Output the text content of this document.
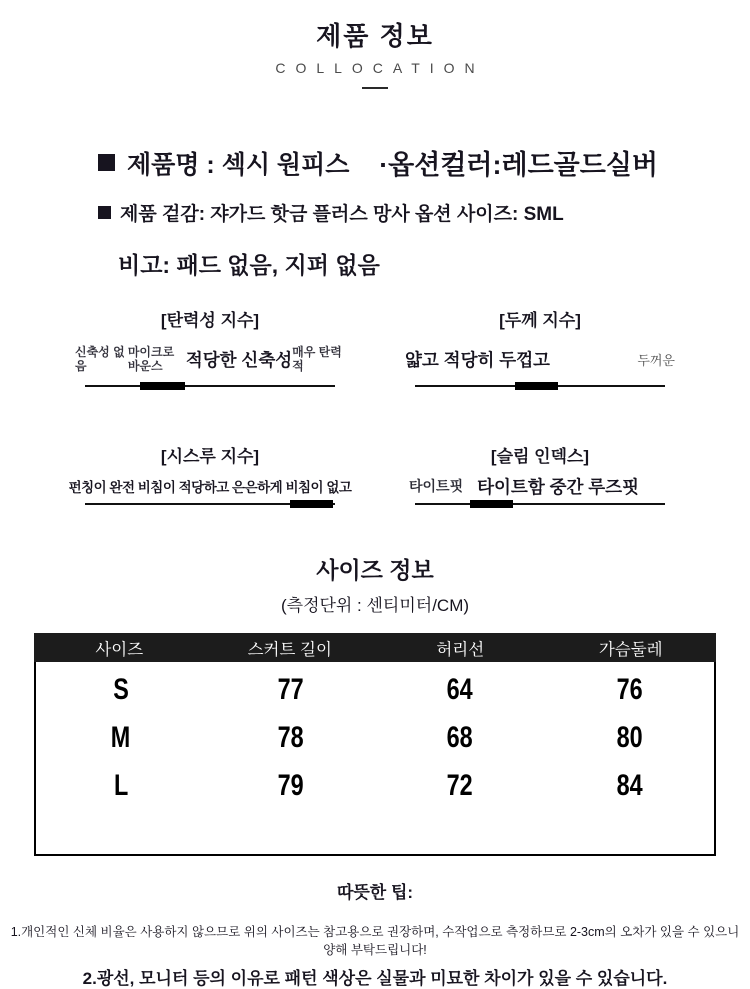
제품 정보
COLLOCATION
제품명 : 섹시 원피스 ·옵션컬러:레드골드실버
제품 겉감: 쟈가드 핫금 플러스 망사 옵션 사이즈: SML
비고: 패드 없음, 지퍼 없음
[탄력성 지수]
신축성 없음
마이크로 바운스	적당한 신축성 매우 탄력적
[두께 지수]
얇고 적당히 두껍고	두꺼운
[시스루 지수]
펀칭이 완전 비침이 적당하고 은은하게 비침이 없고
[슬림 인덱스]
타이트핏 타이트함 중간 루즈핏
사이즈 정보
(측정단위 : 센티미터/CM)
사이즈	스커트 길이	허리선	가슴둘레
S	77	64	76
M	78	68	80
L	79	72	84
따뜻한 팁:
1.개인적인 신체 비율은 사용하지 않으므로 위의 사이즈는 참고용으로 권장하며, 수작업으로 측정하므로 2-3cm의 오차가 있을 수 있으니
양해 부탁드립니다!
2.광선, 모니터 등의 이유로 패턴 색상은 실물과 미묘한 차이가 있을 수 있습니다.
